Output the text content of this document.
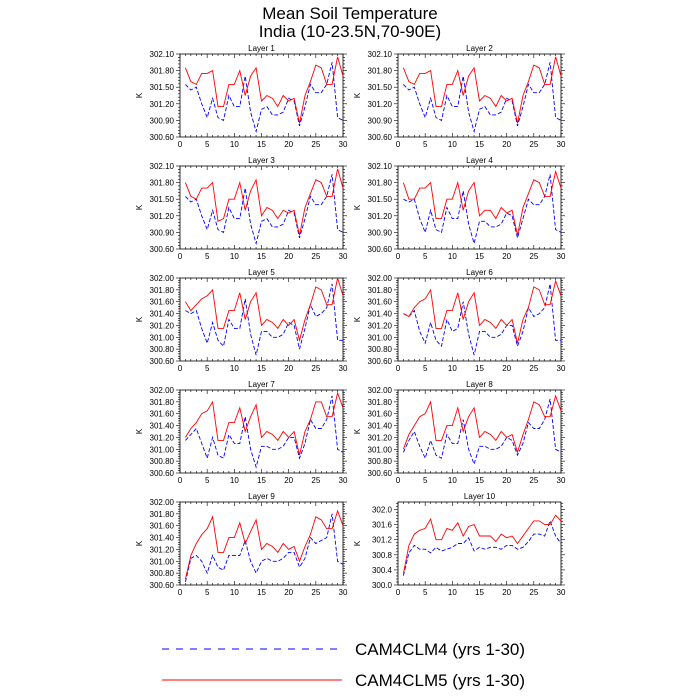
Mean Soil Temperature
India (10-23.5N,70-90E)
Layer 1
K
0	5	10 15 20 25 30
300.60
300.90
301.20
301.50
301.80
302.10
Layer 2
K
0	5	10 15 20 25 30
300.60
300.90
301.20
301.50
301.80
302.10
Layer 3
K
0	5	10 15 20 25 30
300.60
300.90
301.20
301.50
301.80
302.10
Layer 4
K
0	5	10 15 20 25 30
300.60
300.90
301.20
301.50
301.80
302.10
Layer 5
K
0	5	10 15 20 25 30
300.60
300.80
301.00
301.20
301.40
301.60
301.80
302.00
Layer 6
K
0	5	10 15 20 25 30
300.60
300.80
301.00
301.20
301.40
301.60
301.80
302.00
Layer 7
K
0	5	10 15 20 25 30
300.60
300.80
301.00
301.20
301.40
301.60
301.80
302.00
Layer 8
K
0	5	10 15 20 25 30
300.60
300.80
301.00
301.20
301.40
301.60
301.80
302.00
Layer 9
K
0	5	10 15 20 25 30
300.60
300.80
301.00
301.20
301.40
301.60
301.80
302.00
Layer 10
K
0	5	10 15 20 25 30
300.0
300.4
300.8
301.2
301.6
302.0
CAM4CLM4 (yrs 1-30)
CAM4CLM5 (yrs 1-30)
